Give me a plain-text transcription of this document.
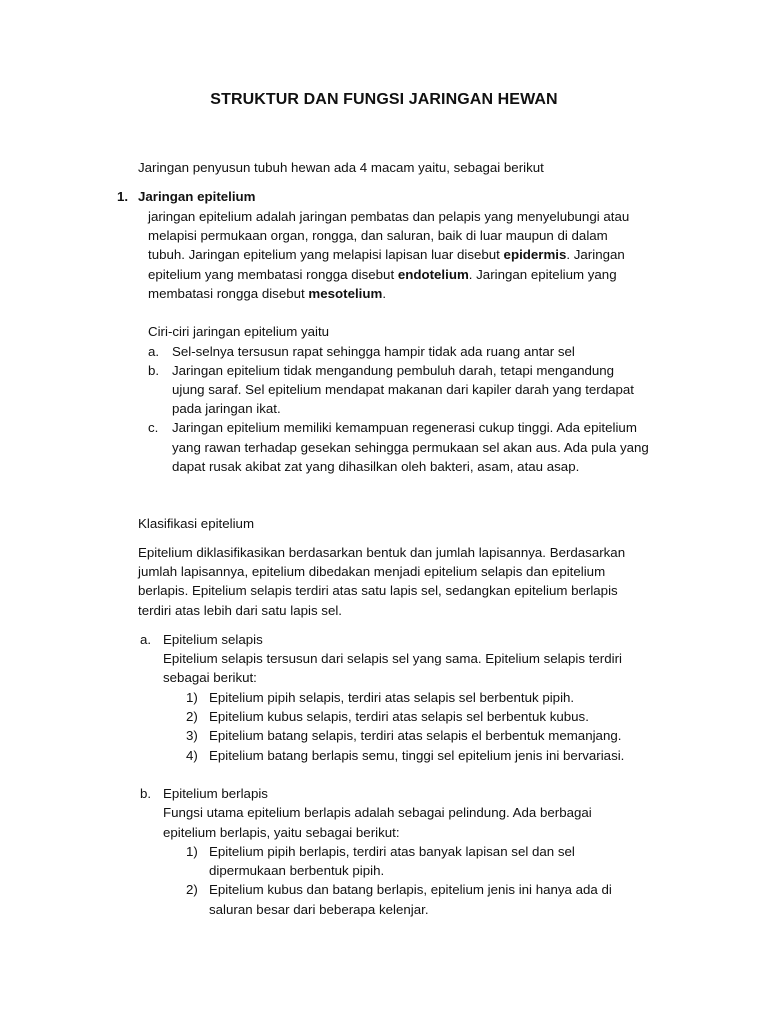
STRUKTUR DAN FUNGSI JARINGAN HEWAN
Jaringan penyusun tubuh hewan ada 4 macam yaitu, sebagai berikut
1. Jaringan epitelium
jaringan epitelium adalah jaringan pembatas dan pelapis yang menyelubungi atau
melapisi permukaan organ, rongga, dan saluran, baik di luar maupun di dalam
tubuh. Jaringan epitelium yang melapisi lapisan luar disebut epidermis. Jaringan
epitelium yang membatasi rongga disebut endotelium. Jaringan epitelium yang
membatasi rongga disebut mesotelium.
Ciri-ciri jaringan epitelium yaitu
a. Sel-selnya tersusun rapat sehingga hampir tidak ada ruang antar sel
b. Jaringan epitelium tidak mengandung pembuluh darah, tetapi mengandung
ujung saraf. Sel epitelium mendapat makanan dari kapiler darah yang terdapat
pada jaringan ikat.
c. Jaringan epitelium memiliki kemampuan regenerasi cukup tinggi. Ada epitelium
yang rawan terhadap gesekan sehingga permukaan sel akan aus. Ada pula yang
dapat rusak akibat zat yang dihasilkan oleh bakteri, asam, atau asap.
Klasifikasi epitelium
Epitelium diklasifikasikan berdasarkan bentuk dan jumlah lapisannya. Berdasarkan
jumlah lapisannya, epitelium dibedakan menjadi epitelium selapis dan epitelium
berlapis. Epitelium selapis terdiri atas satu lapis sel, sedangkan epitelium berlapis
terdiri atas lebih dari satu lapis sel.
a. Epitelium selapis
Epitelium selapis tersusun dari selapis sel yang sama. Epitelium selapis terdiri
sebagai berikut:
1) Epitelium pipih selapis, terdiri atas selapis sel berbentuk pipih.
2) Epitelium kubus selapis, terdiri atas selapis sel berbentuk kubus.
3) Epitelium batang selapis, terdiri atas selapis el berbentuk memanjang.
4) Epitelium batang berlapis semu, tinggi sel epitelium jenis ini bervariasi.
b. Epitelium berlapis
Fungsi utama epitelium berlapis adalah sebagai pelindung. Ada berbagai
epitelium berlapis, yaitu sebagai berikut:
1) Epitelium pipih berlapis, terdiri atas banyak lapisan sel dan sel
dipermukaan berbentuk pipih.
2) Epitelium kubus dan batang berlapis, epitelium jenis ini hanya ada di
saluran besar dari beberapa kelenjar.
